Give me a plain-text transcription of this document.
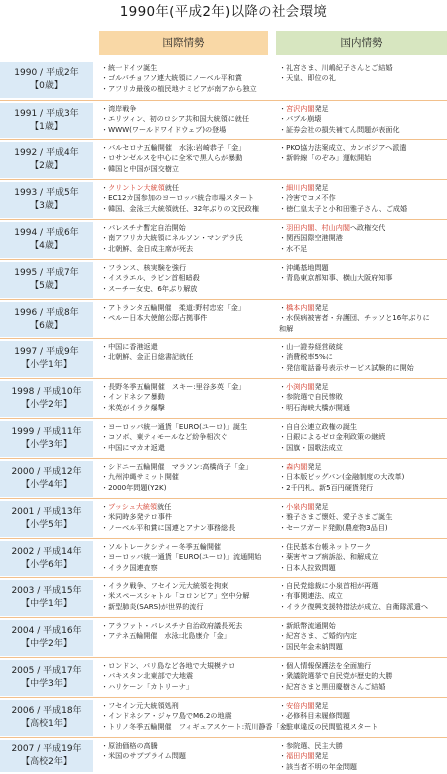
1990年(平成2年)以降の社会環境
国際情勢	国内情勢
1990 / 平成2年
【0歳】
・ 統一ドイツ誕生
・ ゴルバチョフソ連大統領にノーベル平和賞
・ アフリカ最後の植民地ナミビアが南アから独立
・ 礼宮さま、川嶋紀子さんとご結婚
・ 天皇、即位の礼
1991 / 平成3年
【1歳】
・ 湾岸戦争
・ エリツィン、初のロシア共和国大統領に就任
・ WWW(ワールドワイドウェブ)の登場
・ 宮沢内閣発足
・ バブル崩壊
・ 証券会社の損失補てん問題が表面化
1992 / 平成4年
【2歳】
・ バルセロナ五輪開催　水泳:岩崎恭子「金」
・ ロサンゼルスを中心に全米で黒人らが暴動
・ 韓国と中国が国交樹立
・ PKO協力法案成立、カンボジアへ派遣
・ 新幹線「のぞみ」運転開始
1993 / 平成5年
【3歳】
・ クリントン大統領就任
・ EC12カ国参加のヨーロッパ統合市場スタート
・ 韓国、金泳三大統領就任、32年ぶりの文民政権
・ 細川内閣発足
・ 冷害でコメ不作
・ 徳仁皇太子と小和田雅子さん、ご成婚
1994 / 平成6年
【4歳】
・ パレスチナ暫定自治開始
・ 南アフリカ大統領にネルソン・マンデラ氏
・ 北朝鮮、金日成主席が死去
・ 羽田内閣、村山内閣へ政権交代
・ 関西国際空港開港
・ 水不足
1995 / 平成7年
【5歳】
・ フランス、核実験を強行
・ イスラエル、ラビン首相暗殺
・ スーチー女史、6年ぶり解放
・ 沖縄基地問題
・ 青島東京都知事、横山大阪府知事
1996 / 平成8年
【6歳】
・ アトランタ五輪開催　柔道:野村忠宏「金」
・ ペルー日本大使館公邸占拠事件
・ 橋本内閣発足
・ 水俣病被害者・弁護団、チッソと16年ぶりに
和解
1997 / 平成9年
【小学1年】
・ 中国に香港返還
・ 北朝鮮、金正日総書記就任
・ 山一證券経営破綻
・ 消費税率5%に
・ 発信電話番号表示サービス試験的に開始
1998 / 平成10年
【小学2年】
・ 長野冬季五輪開催　スキー:里谷多英「金」
・ インドネシア暴動
・ 米英がイラク爆撃
・ 小渕内閣発足
・ 参院選で自民惨敗
・ 明石海峡大橋が開通
1999 / 平成11年
【小学3年】
・ ヨーロッパ統一通貨「EURO(ユーロ)」誕生
・ コソボ、東ティモールなど紛争相次ぐ
・ 中国にマカオ返還
・ 自自公連立政権の誕生
・ 日銀によるゼロ金利政策の継続
・ 国旗・国歌法成立
2000 / 平成12年
【小学4年】
・ シドニー五輪開催　マラソン:高橋尚子「金」
・ 九州沖縄サミット開催
・ 2000年問題(Y2K)
・ 森内閣発足
・ 日本版ビッグバン(金融制度の大改革)
・ 2千円札、新5百円硬貨発行
2001 / 平成13年
【小学5年】
・ ブッシュ大統領就任
・ 米同時多発テロ事件
・ ノーベル平和賞に国連とアナン事務総長
・ 小泉内閣発足
・ 雅子さまご懐妊、愛子さまご誕生
・ セーフガード発動(農産物3品目)
2002 / 平成14年
【小学6年】
・ ソルトレークシティー冬季五輪開催
・ ヨーロッパ統一通貨「EURO(ユーロ)」流通開始
・ イラク国連査察
・ 住民基本台帳ネットワーク
・ 薬害ヤコブ病訴訟、和解成立
・ 日本人拉致問題
2003 / 平成15年
【中学1年】
・ イラク戦争、フセイン元大統領を拘束
・ 米スペースシャトル「コロンビア」空中分解
・ 新型肺炎(SARS)が世界的流行
・ 自民党総裁に小泉首相が再選
・ 有事関連法、成立
・ イラク復興支援特措法が成立、自衛隊派遣へ
2004 / 平成16年
【中学2年】
・ アラファト・パレスチナ自治政府議長死去
・ アテネ五輪開催　水泳:北島康介「金」
・ 新紙幣流通開始
・ 紀宮さま、ご婚約内定
・ 国民年金未納問題
2005 / 平成17年
【中学3年】
・ ロンドン、パリ島など各地で大規模テロ
・ パキスタン北東部で大地震
・ ハリケーン「カトリーナ」
・ 個人情報保護法を全面施行
・ 衆議院選挙で自民党が歴史的大勝
・ 紀宮さまと黒田慶樹さんご結婚
2006 / 平成18年
【高校1年】
・ フセイン元大統領処刑
・ インドネシア・ジャワ島でM6.2の地震
・ トリノ冬季五輪開催　フィギュアスケート:荒川静香「金」
・ 安倍内閣発足
・ 必修科目未履修問題
・ 駐車違反の民間監視スタート
2007 / 平成19年
【高校2年】
・ 原油価格の高騰
・ 米国のサブプライム問題
・ 参院選、民主大勝
・ 福田内閣発足
・ 該当者不明の年金問題
